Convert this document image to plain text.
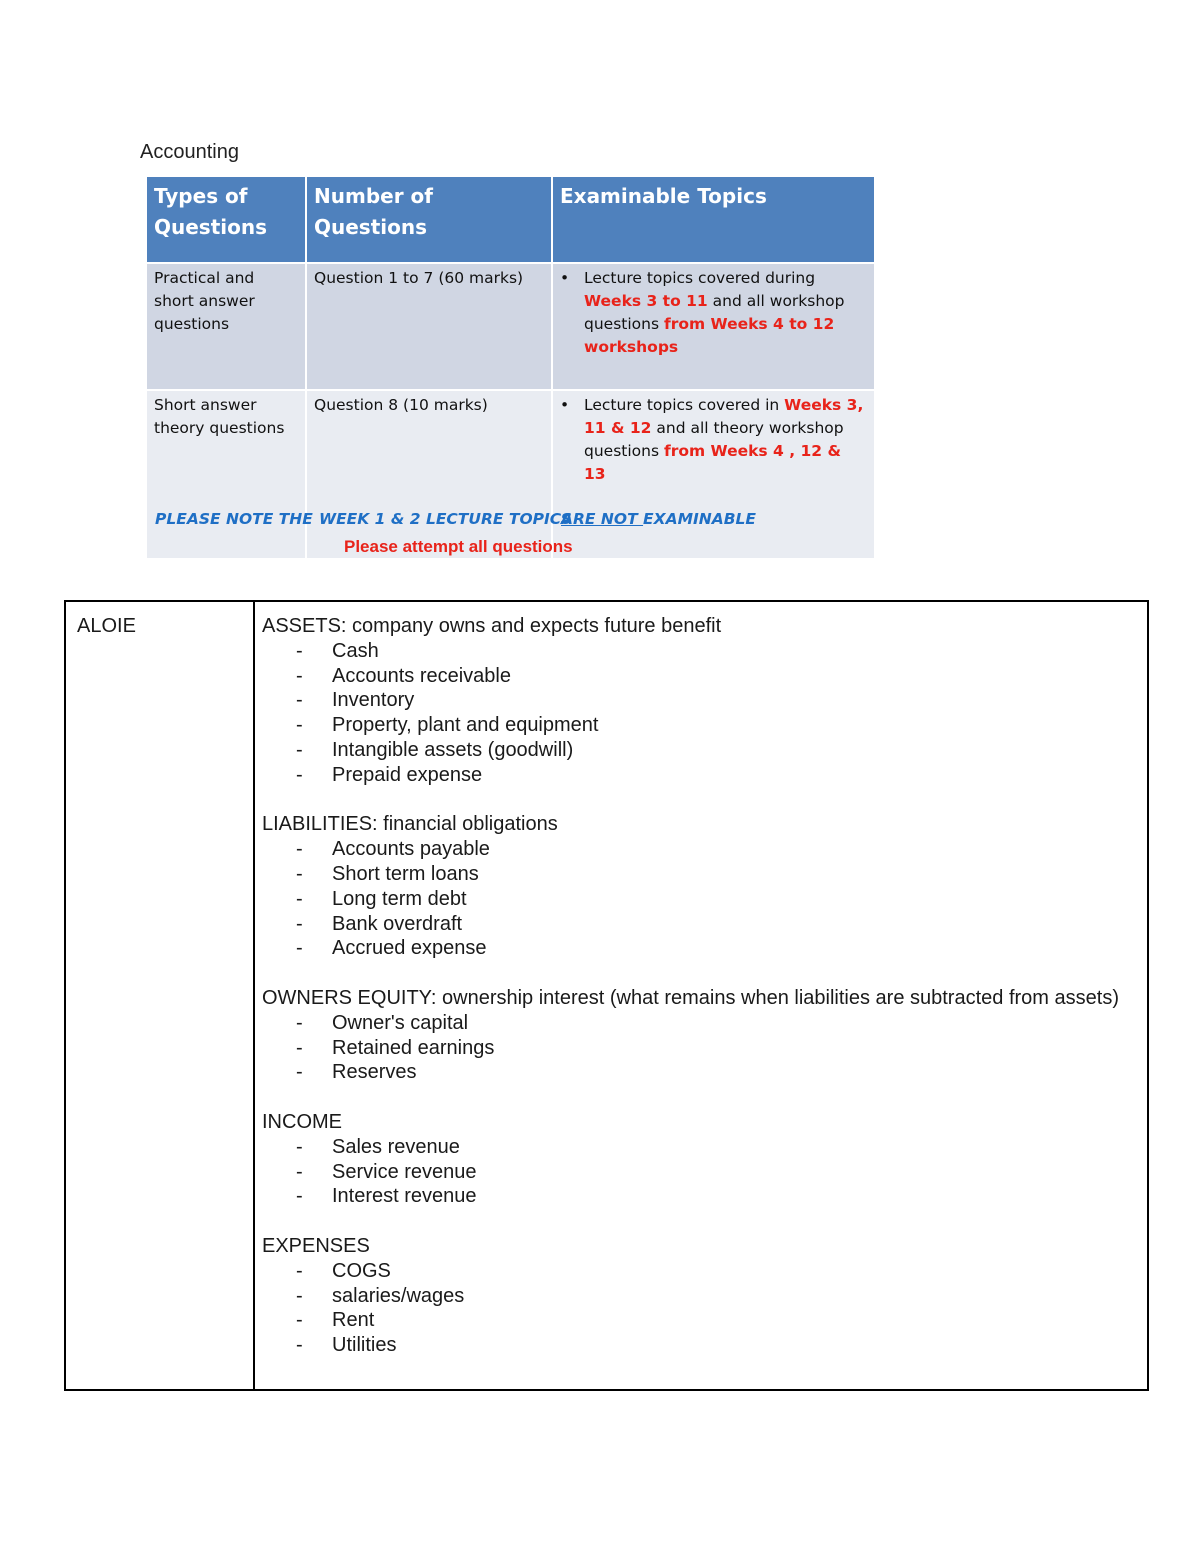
Accounting
Types of Questions	Number of Questions	Examinable Topics
Practical and short answer questions	Question 1 to 7 (60 marks)	• Lecture topics covered during Weeks 3 to 11 and all workshop questions from Weeks 4 to 12 workshops

Short answer theory questions	Question 8 (10 marks)	• Lecture topics covered in Weeks 3, 11 & 12 and all theory workshop questions from Weeks 4 , 12 & 13
PLEASE NOTE THE WEEK 1 & 2 LECTURE TOPICS
ARE NOT EXAMINABLE
Please attempt all questions
ALOIE	ASSETS: company owns and expects future benefit
-	Cash
-	Accounts receivable
-	Inventory
-	Property, plant and equipment
-	Intangible assets (goodwill)
-	Prepaid expense
LIABILITIES: financial obligations
-	Accounts payable
-	Short term loans
-	Long term debt
-	Bank overdraft
-	Accrued expense
OWNERS EQUITY: ownership interest (what remains when liabilities are subtracted from assets)
-	Owner's capital
-	Retained earnings
-	Reserves
INCOME
-	Sales revenue
-	Service revenue
-	Interest revenue
EXPENSES
-	COGS
-	salaries/wages
-	Rent
-	Utilities
